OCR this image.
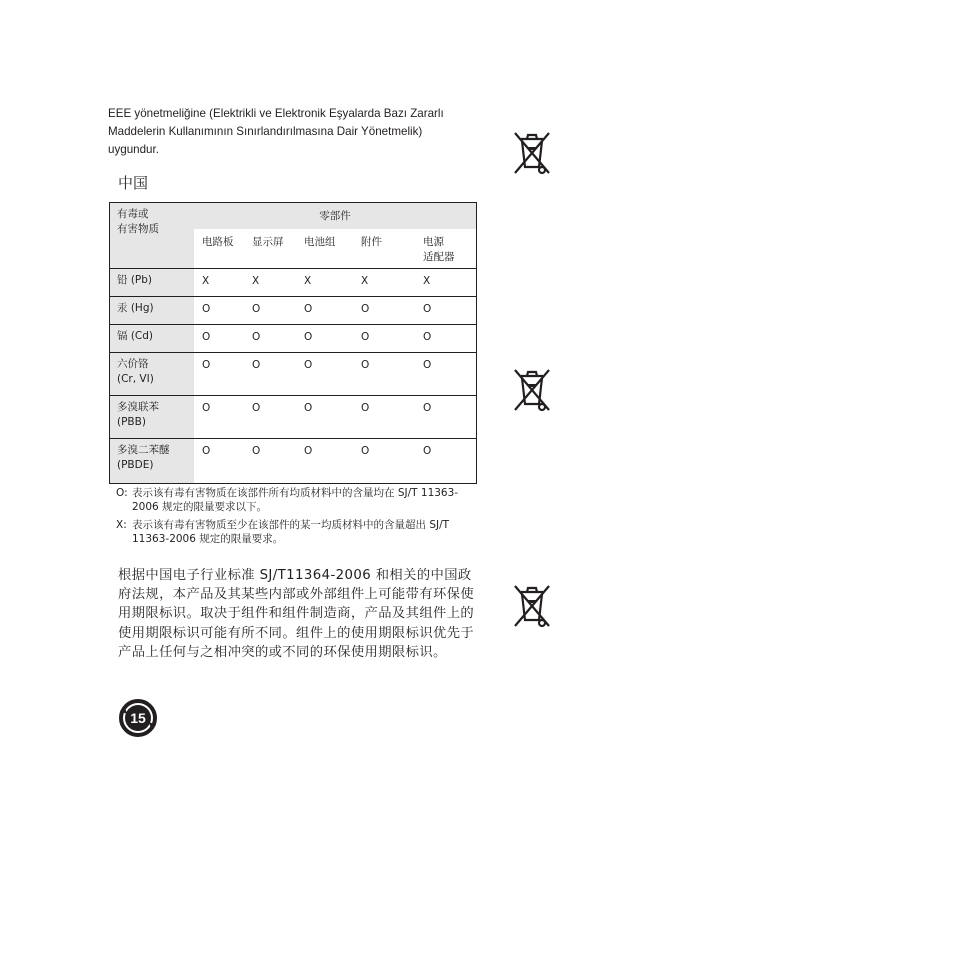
EEE yönetmeliğine (Elektrikli ve Elektronik Eşyalarda Bazı Zararlı Maddelerin Kullanımının Sınırlandırılmasına Dair Yönetmelik) uygundur.
中国
有毒或
有害物质	零部件				

	电路板	显示屏	电池组	附件	电源
适配器

铅 (Pb)	X	X	X	X	X

汞 (Hg)	O	O	O	O	O

镉 (Cd)	O	O	O	O	O

六价铬
(Cr, VI)	O	O	O	O	O

多溴联苯
(PBB)	O	O	O	O	O

多溴二苯醚
(PBDE)	O	O	O	O	O
O: 表示该有毒有害物质在该部件所有均质材料中的含量均在 SJ/T 11363-2006 规定的限量要求以下。
X: 表示该有毒有害物质至少在该部件的某一均质材料中的含量超出 SJ/T 11363-2006 规定的限量要求。
根据中国电子行业标准 SJ/T11364-2006 和相关的中国政府法规，本产品及其某些内部或外部组件上可能带有环保使用期限标识。取决于组件和组件制造商，产品及其组件上的使用期限标识可能有所不同。组件上的使用期限标识优先于产品上任何与之相冲突的或不同的环保使用期限标识。
15
